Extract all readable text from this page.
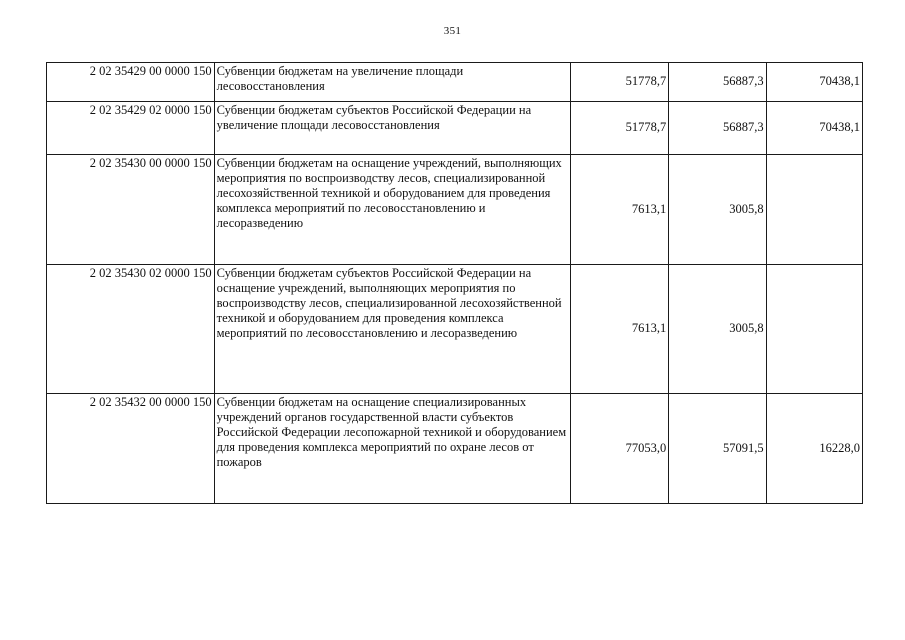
351
2 02 35429 00 0000 150	Субвенции бюджетам на увеличение площади лесовосстановления	51778,7	56887,3	70438,1
2 02 35429 02 0000 150	Субвенции бюджетам субъектов Российской Федерации на увеличение площади лесовосстановления	51778,7	56887,3	70438,1
2 02 35430 00 0000 150	Субвенции бюджетам на оснащение учреждений, выполняющих мероприятия по воспроизводству лесов, специализированной лесохозяйственной техникой и оборудованием для проведения комплекса мероприятий по лесовосстановлению и лесоразведению	7613,1	3005,8	
2 02 35430 02 0000 150	Субвенции бюджетам субъектов Российской Федерации на оснащение учреждений, выполняющих мероприятия по воспроизводству лесов, специализированной лесохозяйственной техникой и оборудованием для проведения комплекса мероприятий по лесовосстановлению и лесоразведению	7613,1	3005,8	
2 02 35432 00 0000 150	Субвенции бюджетам на оснащение специализированных учреждений органов государственной власти субъектов Российской Федерации лесопожарной техникой и оборудованием для проведения комплекса мероприятий по охране лесов от пожаров	77053,0	57091,5	16228,0
